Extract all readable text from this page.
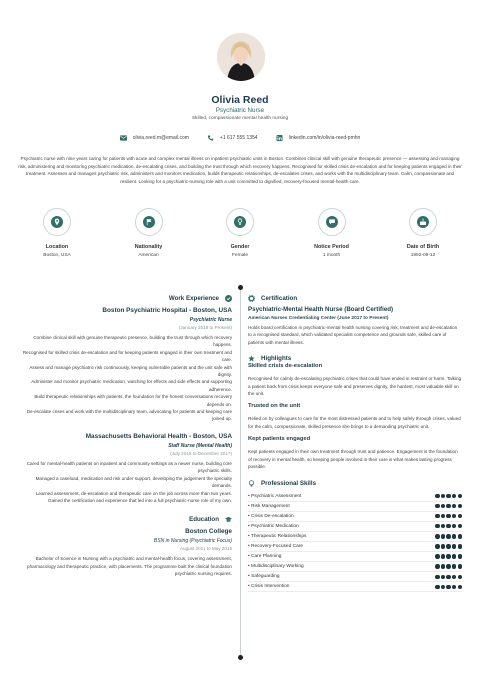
Olivia Reed
Psychiatric Nurse
Skilled, compassionate mental health nursing
olivia.reed.m@email.com	+1 617 555 1354	linkedin.com/in/olivia-reed-pmhn
Psychiatric nurse with nine years caring for patients with acute and complex mental illness on inpatient psychiatric units in Boston. Combines clinical skill with genuine therapeutic presence — assessing and managing risk, administering and monitoring psychiatric medication, de-escalating crises, and building the trust through which recovery happens. Recognised for skilled crisis de-escalation and for keeping patients engaged in their treatment. Assesses and manages psychiatric risk, administers and monitors medication, builds therapeutic relationships, de-escalates crises, and works with the multidisciplinary team. Calm, compassionate and resilient. Looking for a psychiatric-nursing role with a unit committed to dignified, recovery-focused mental-health care.
Location
Boston, USA
Nationality
American
Gender
Female
Notice Period
1 month
Date of Birth
1992-09-12
Work Experience
Boston Psychiatric Hospital - Boston, USA
Psychiatric Nurse
(January 2018 to Present)
Combine clinical skill with genuine therapeutic presence, building the trust through which recovery happens.
Recognised for skilled crisis de-escalation and for keeping patients engaged in their own treatment and care.
Assess and manage psychiatric risk continuously, keeping vulnerable patients and the unit safe with dignity.
Administer and monitor psychiatric medication, watching for effects and side effects and supporting adherence.
Build therapeutic relationships with patients, the foundation for the honest conversations recovery depends on.
De-escalate crises and work with the multidisciplinary team, advocating for patients and keeping care joined up.
Massachusetts Behavioral Health - Boston, USA
Staff Nurse (Mental Health)
(July 2015 to December 2017)
Cared for mental-health patients on inpatient and community settings as a newer nurse, building core psychiatric skills.
Managed a caseload, medication and risk under support, developing the judgement the specialty demands.
Learned assessment, de-escalation and therapeutic care on the job across more than two years.
Gained the certification and experience that led into a full psychiatric-nurse role of my own.
Education
Boston College
BSN in Nursing (Psychiatric Focus)
August 2011 to May 2015
Bachelor of Science in Nursing with a psychiatric and mental-health focus, covering assessment, pharmacology and therapeutic practice, with placements. The programme built the clinical foundation psychiatric nursing requires.
Certification
Psychiatric-Mental Health Nurse (Board Certified)
American Nurses Credentialing Center (June 2017 to Present)
Holds board certification in psychiatric-mental health nursing covering risk, treatment and de-escalation to a recognised standard, which validated specialist competence and grounds safe, skilled care of patients with mental illness.
Highlights
Skilled crisis de-escalation
Recognised for calmly de-escalating psychiatric crises that could have ended in restraint or harm. Talking a patient back from crisis keeps everyone safe and preserves dignity, the hardest, most valuable skill on the unit.
Trusted on the unit
Relied on by colleagues to care for the most distressed patients and to help safely through crises, valued for the calm, compassionate, skilled presence she brings to a demanding psychiatric unit.
Kept patients engaged
Kept patients engaged in their own treatment through trust and patience. Engagement is the foundation of recovery in mental health, so keeping people involved in their care is what makes lasting progress possible.
Professional Skills
• Psychiatric Assessment
• Risk Management
• Crisis De-escalation
• Psychiatric Medication
• Therapeutic Relationships
• Recovery-Focused Care
• Care Planning
• Multidisciplinary Working
• Safeguarding
• Crisis Intervention
